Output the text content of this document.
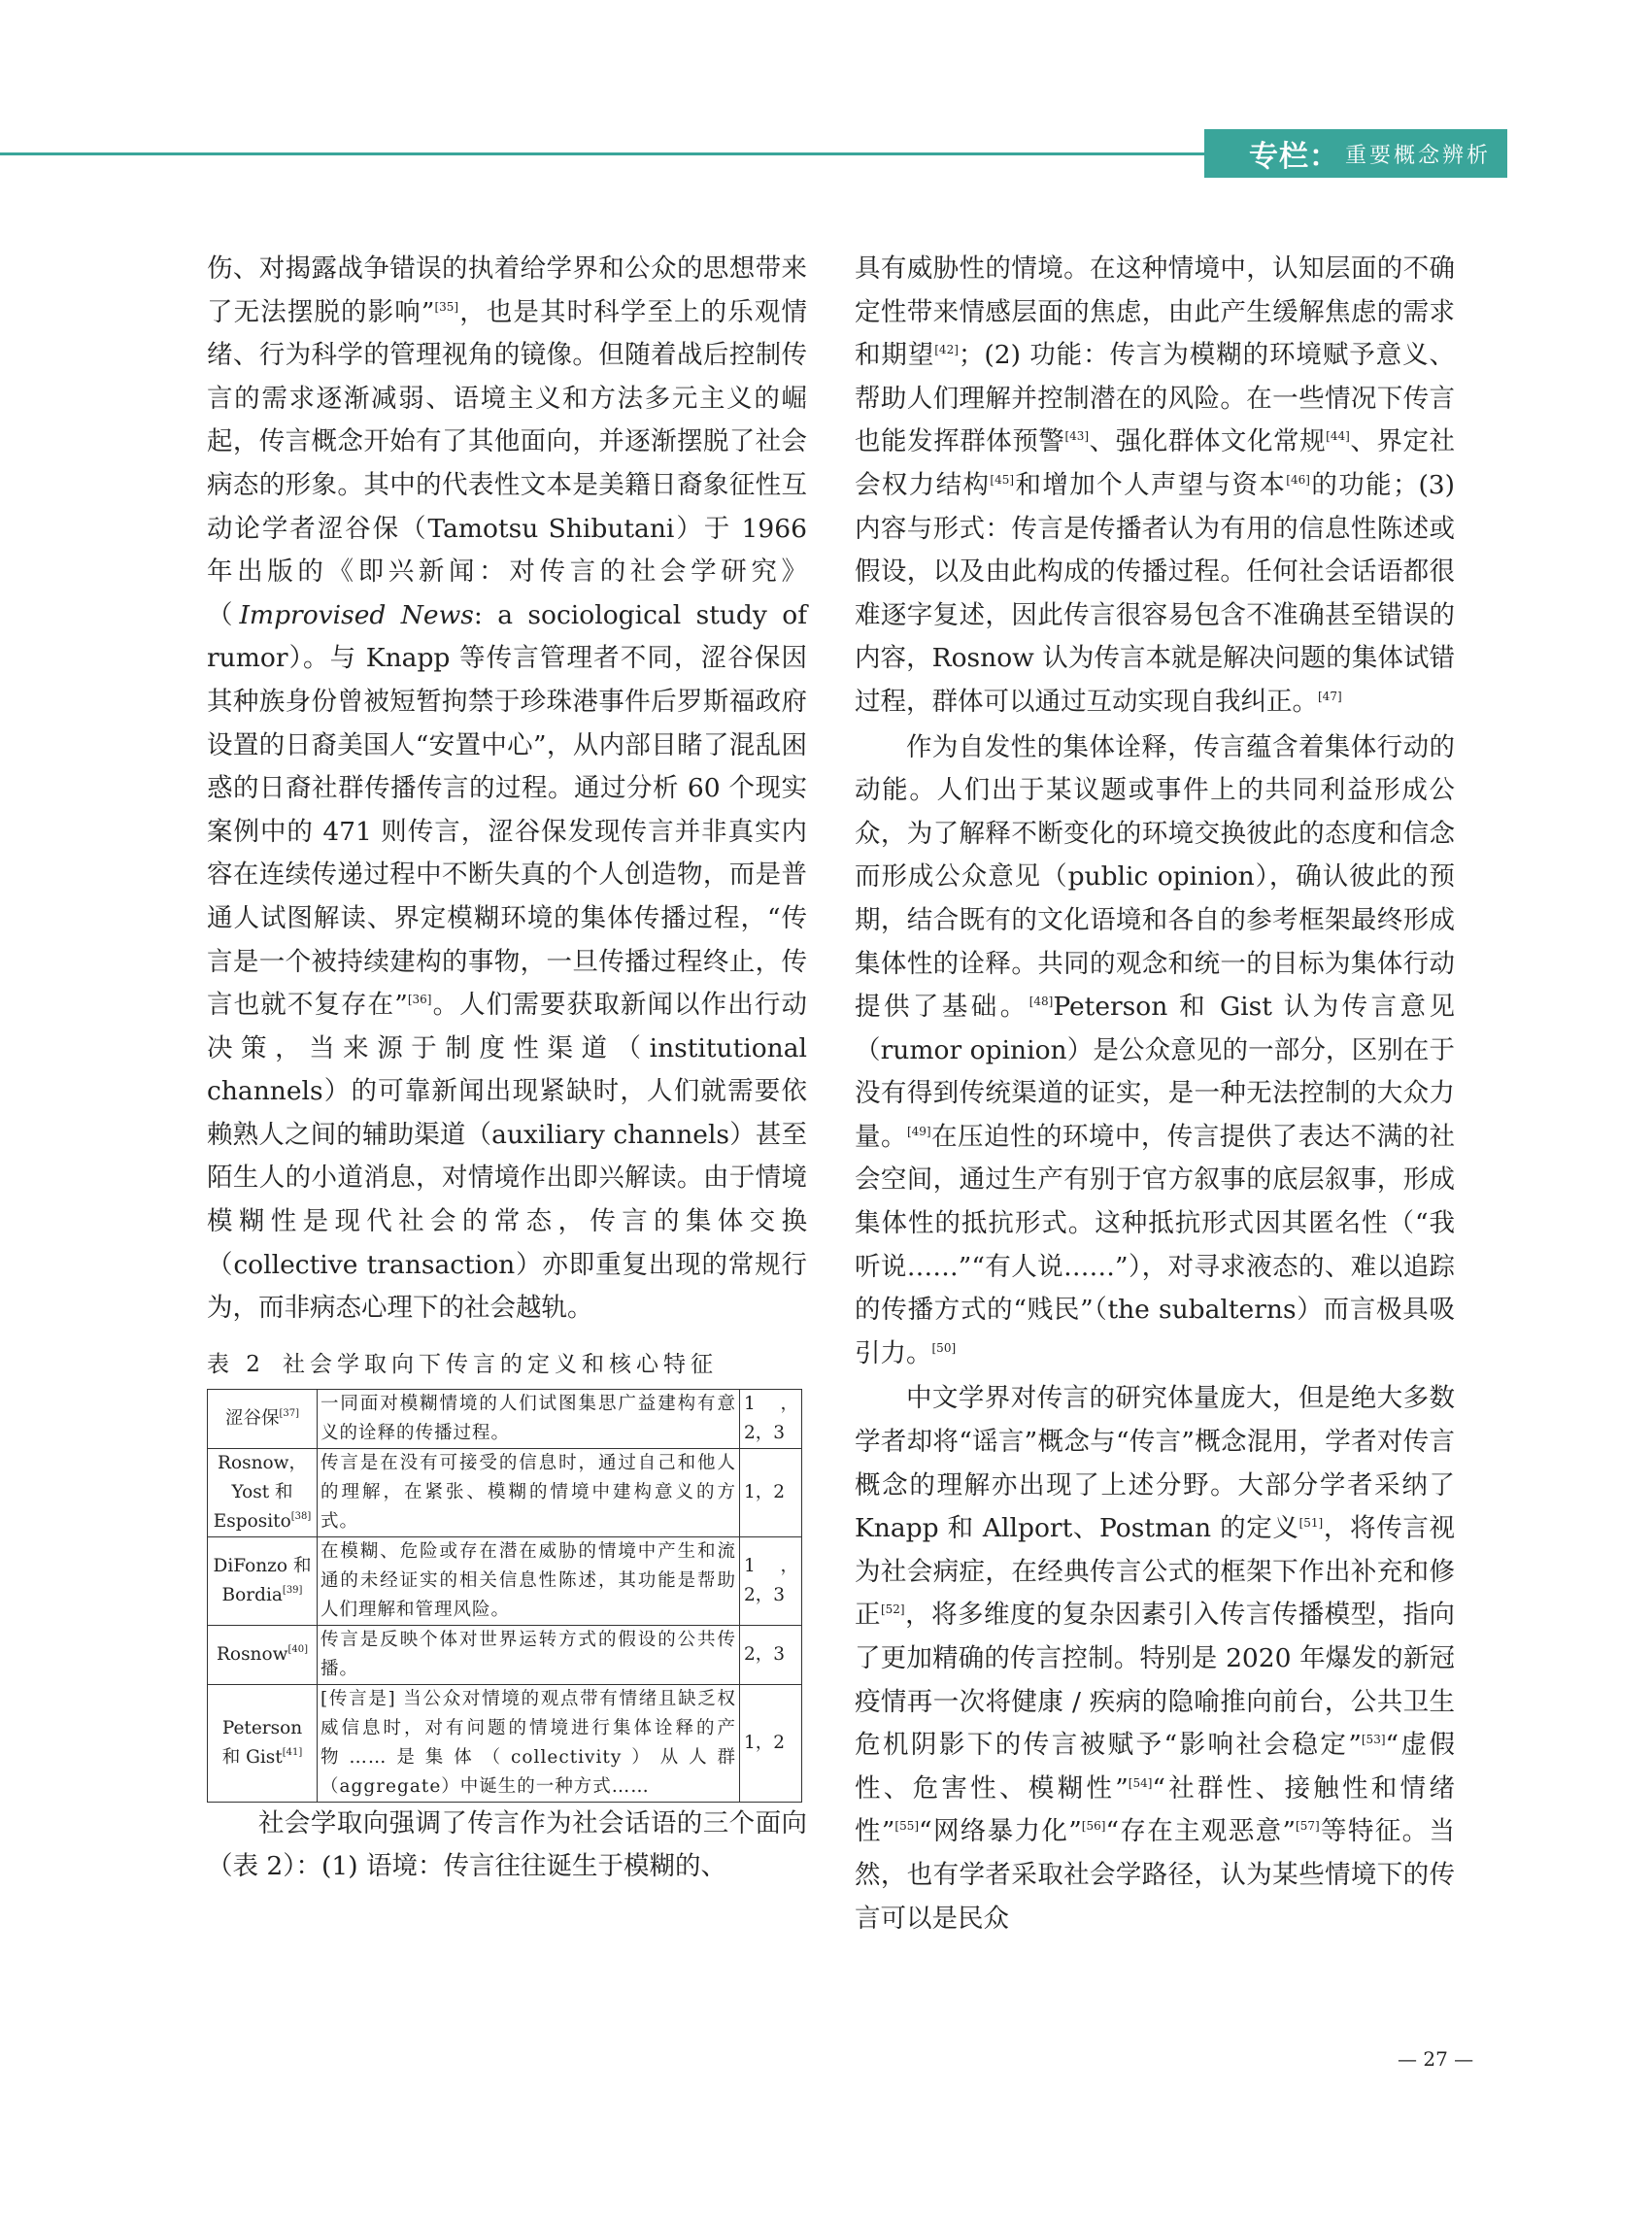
专栏： 重要概念辨析

伤、对揭露战争错误的执着给学界和公众的思想带来了无法摆脱的影响”[35]，也是其时科学至上的乐观情绪、行为科学的管理视角的镜像。但随着战后控制传言的需求逐渐减弱、语境主义和方法多元主义的崛起，传言概念开始有了其他面向，并逐渐摆脱了社会病态的形象。其中的代表性文本是美籍日裔象征性互动论学者涩谷保（Tamotsu Shibutani）于 1966 年出版的《即兴新闻：对传言的社会学研究》（Improvised News: a sociological study of rumor）。与 Knapp 等传言管理者不同，涩谷保因其种族身份曾被短暂拘禁于珍珠港事件后罗斯福政府设置的日裔美国人“安置中心”，从内部目睹了混乱困惑的日裔社群传播传言的过程。通过分析 60 个现实案例中的 471 则传言，涩谷保发现传言并非真实内容在连续传递过程中不断失真的个人创造物，而是普通人试图解读、界定模糊环境的集体传播过程，“传言是一个被持续建构的事物，一旦传播过程终止，传言也就不复存在”[36]。人们需要获取新闻以作出行动决策，当来源于制度性渠道（institutional channels）的可靠新闻出现紧缺时，人们就需要依赖熟人之间的辅助渠道（auxiliary channels）甚至陌生人的小道消息，对情境作出即兴解读。由于情境模糊性是现代社会的常态，传言的集体交换（collective transaction）亦即重复出现的常规行为，而非病态心理下的社会越轨。

表 2 社会学取向下传言的定义和核心特征
涩谷保[37]	一同面对模糊情境的人们试图集思广益建构有意义的诠释的传播过程。	1，2，3
Rosnow，Yost 和 Esposito[38]	传言是在没有可接受的信息时，通过自己和他人的理解，在紧张、模糊的情境中建构意义的方式。	1，2
DiFonzo 和 Bordia[39]	在模糊、危险或存在潜在威胁的情境中产生和流通的未经证实的相关信息性陈述，其功能是帮助人们理解和管理风险。	1，2，3
Rosnow[40]	传言是反映个体对世界运转方式的假设的公共传播。	2，3
Peterson 和 Gist[41]	[传言是] 当公众对情境的观点带有情绪且缺乏权威信息时，对有问题的情境进行集体诠释的产物……是集体（collectivity）从人群（aggregate）中诞生的一种方式……	1，2

社会学取向强调了传言作为社会话语的三个面向（表 2）：(1) 语境：传言往往诞生于模糊的、

具有威胁性的情境。在这种情境中，认知层面的不确定性带来情感层面的焦虑，由此产生缓解焦虑的需求和期望[42]；(2) 功能：传言为模糊的环境赋予意义、帮助人们理解并控制潜在的风险。在一些情况下传言也能发挥群体预警[43]、强化群体文化常规[44]、界定社会权力结构[45]和增加个人声望与资本[46]的功能；(3) 内容与形式：传言是传播者认为有用的信息性陈述或假设，以及由此构成的传播过程。任何社会话语都很难逐字复述，因此传言很容易包含不准确甚至错误的内容，Rosnow 认为传言本就是解决问题的集体试错过程，群体可以通过互动实现自我纠正。[47]

作为自发性的集体诠释，传言蕴含着集体行动的动能。人们出于某议题或事件上的共同利益形成公众，为了解释不断变化的环境交换彼此的态度和信念而形成公众意见（public opinion），确认彼此的预期，结合既有的文化语境和各自的参考框架最终形成集体性的诠释。共同的观念和统一的目标为集体行动提供了基础。[48]Peterson 和 Gist 认为传言意见（rumor opinion）是公众意见的一部分，区别在于没有得到传统渠道的证实，是一种无法控制的大众力量。[49]在压迫性的环境中，传言提供了表达不满的社会空间，通过生产有别于官方叙事的底层叙事，形成集体性的抵抗形式。这种抵抗形式因其匿名性（“我听说……”“有人说……”），对寻求液态的、难以追踪的传播方式的“贱民”（the subalterns）而言极具吸引力。[50]

中文学界对传言的研究体量庞大，但是绝大多数学者却将“谣言”概念与“传言”概念混用，学者对传言概念的理解亦出现了上述分野。大部分学者采纳了 Knapp 和 Allport、Postman 的定义[51]，将传言视为社会病症，在经典传言公式的框架下作出补充和修正[52]，将多维度的复杂因素引入传言传播模型，指向了更加精确的传言控制。特别是 2020 年爆发的新冠疫情再一次将健康 / 疾病的隐喻推向前台，公共卫生危机阴影下的传言被赋予“影响社会稳定”[53]“虚假性、危害性、模糊性”[54]“社群性、接触性和情绪性”[55]“网络暴力化”[56]“存在主观恶意”[57]等特征。当然，也有学者采取社会学路径，认为某些情境下的传言可以是民众

— 27 —
